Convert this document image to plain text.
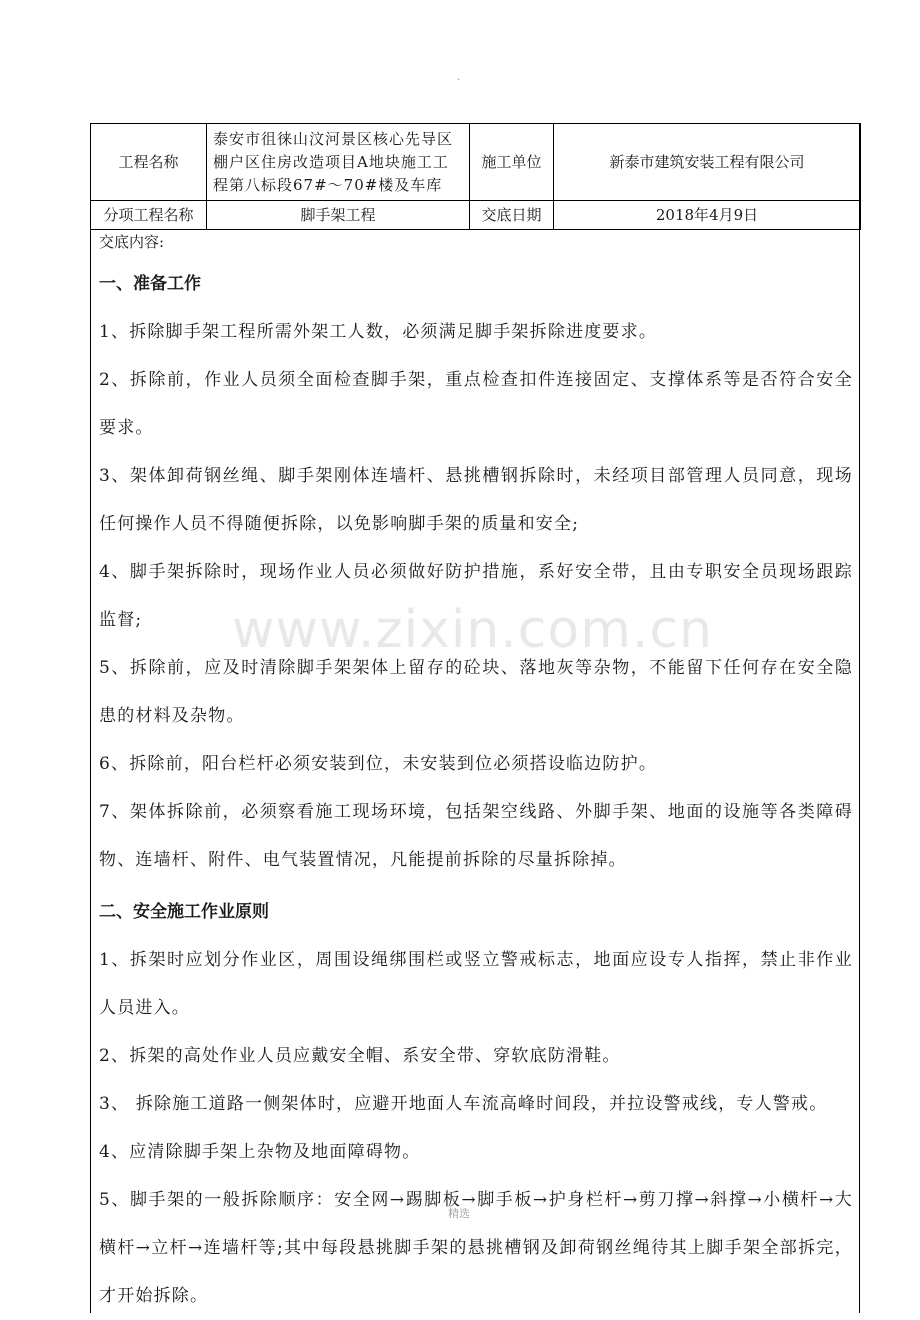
.
工程名称	泰安市徂徕山汶河景区核心先导区棚户区住房改造项目A地块施工工程第八标段67#～70#楼及车库	施工单位	新泰市建筑安装工程有限公司
分项工程名称	脚手架工程	交底日期	2018年4月9日
交底内容:
一、准备工作
1、拆除脚手架工程所需外架工人数，必须满足脚手架拆除进度要求。
2、拆除前，作业人员须全面检查脚手架，重点检查扣件连接固定、支撑体系等是否符合安全要求。
3、架体卸荷钢丝绳、脚手架刚体连墙杆、悬挑槽钢拆除时，未经项目部管理人员同意，现场任何操作人员不得随便拆除，以免影响脚手架的质量和安全;
4、脚手架拆除时，现场作业人员必须做好防护措施，系好安全带，且由专职安全员现场跟踪监督;
5、拆除前，应及时清除脚手架架体上留存的砼块、落地灰等杂物，不能留下任何存在安全隐患的材料及杂物。
6、拆除前，阳台栏杆必须安装到位，未安装到位必须搭设临边防护。
7、架体拆除前，必须察看施工现场环境，包括架空线路、外脚手架、地面的设施等各类障碍物、连墙杆、附件、电气装置情况，凡能提前拆除的尽量拆除掉。
二、安全施工作业原则
1、拆架时应划分作业区，周围设绳绑围栏或竖立警戒标志，地面应设专人指挥，禁止非作业人员进入。
2、拆架的高处作业人员应戴安全帽、系安全带、穿软底防滑鞋。
3、 拆除施工道路一侧架体时，应避开地面人车流高峰时间段，并拉设警戒线，专人警戒。
4、应清除脚手架上杂物及地面障碍物。
5、脚手架的一般拆除顺序：安全网→踢脚板→脚手板→护身栏杆→剪刀撑→斜撑→小横杆→大横杆→立杆→连墙杆等;其中每段悬挑脚手架的悬挑槽钢及卸荷钢丝绳待其上脚手架全部拆完，才开始拆除。
www.zixin.com.cn
精选
